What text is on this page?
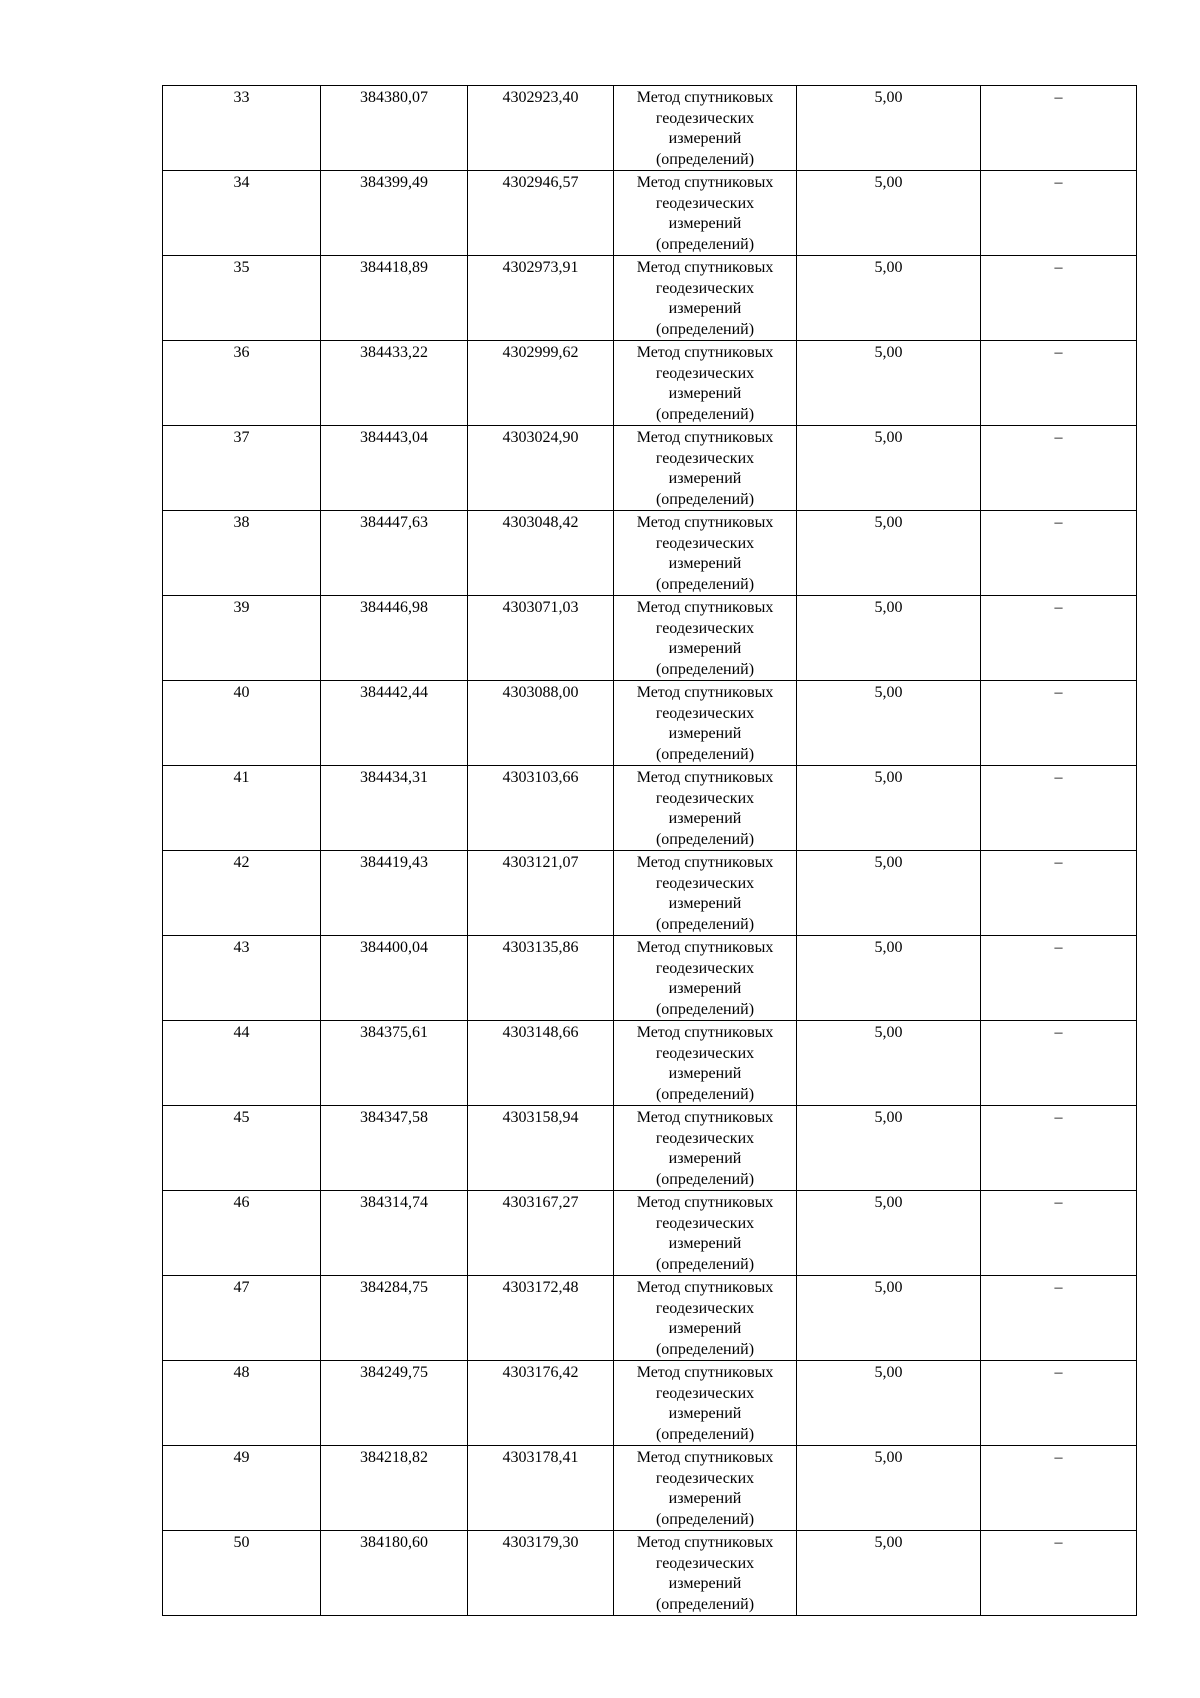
33	384380,07	4302923,40	Метод спутниковых
геодезических
измерений
(определений)	5,00	–
34	384399,49	4302946,57	Метод спутниковых
геодезических
измерений
(определений)	5,00	–
35	384418,89	4302973,91	Метод спутниковых
геодезических
измерений
(определений)	5,00	–
36	384433,22	4302999,62	Метод спутниковых
геодезических
измерений
(определений)	5,00	–
37	384443,04	4303024,90	Метод спутниковых
геодезических
измерений
(определений)	5,00	–
38	384447,63	4303048,42	Метод спутниковых
геодезических
измерений
(определений)	5,00	–
39	384446,98	4303071,03	Метод спутниковых
геодезических
измерений
(определений)	5,00	–
40	384442,44	4303088,00	Метод спутниковых
геодезических
измерений
(определений)	5,00	–
41	384434,31	4303103,66	Метод спутниковых
геодезических
измерений
(определений)	5,00	–
42	384419,43	4303121,07	Метод спутниковых
геодезических
измерений
(определений)	5,00	–
43	384400,04	4303135,86	Метод спутниковых
геодезических
измерений
(определений)	5,00	–
44	384375,61	4303148,66	Метод спутниковых
геодезических
измерений
(определений)	5,00	–
45	384347,58	4303158,94	Метод спутниковых
геодезических
измерений
(определений)	5,00	–
46	384314,74	4303167,27	Метод спутниковых
геодезических
измерений
(определений)	5,00	–
47	384284,75	4303172,48	Метод спутниковых
геодезических
измерений
(определений)	5,00	–
48	384249,75	4303176,42	Метод спутниковых
геодезических
измерений
(определений)	5,00	–
49	384218,82	4303178,41	Метод спутниковых
геодезических
измерений
(определений)	5,00	–
50	384180,60	4303179,30	Метод спутниковых
геодезических
измерений
(определений)	5,00	–
